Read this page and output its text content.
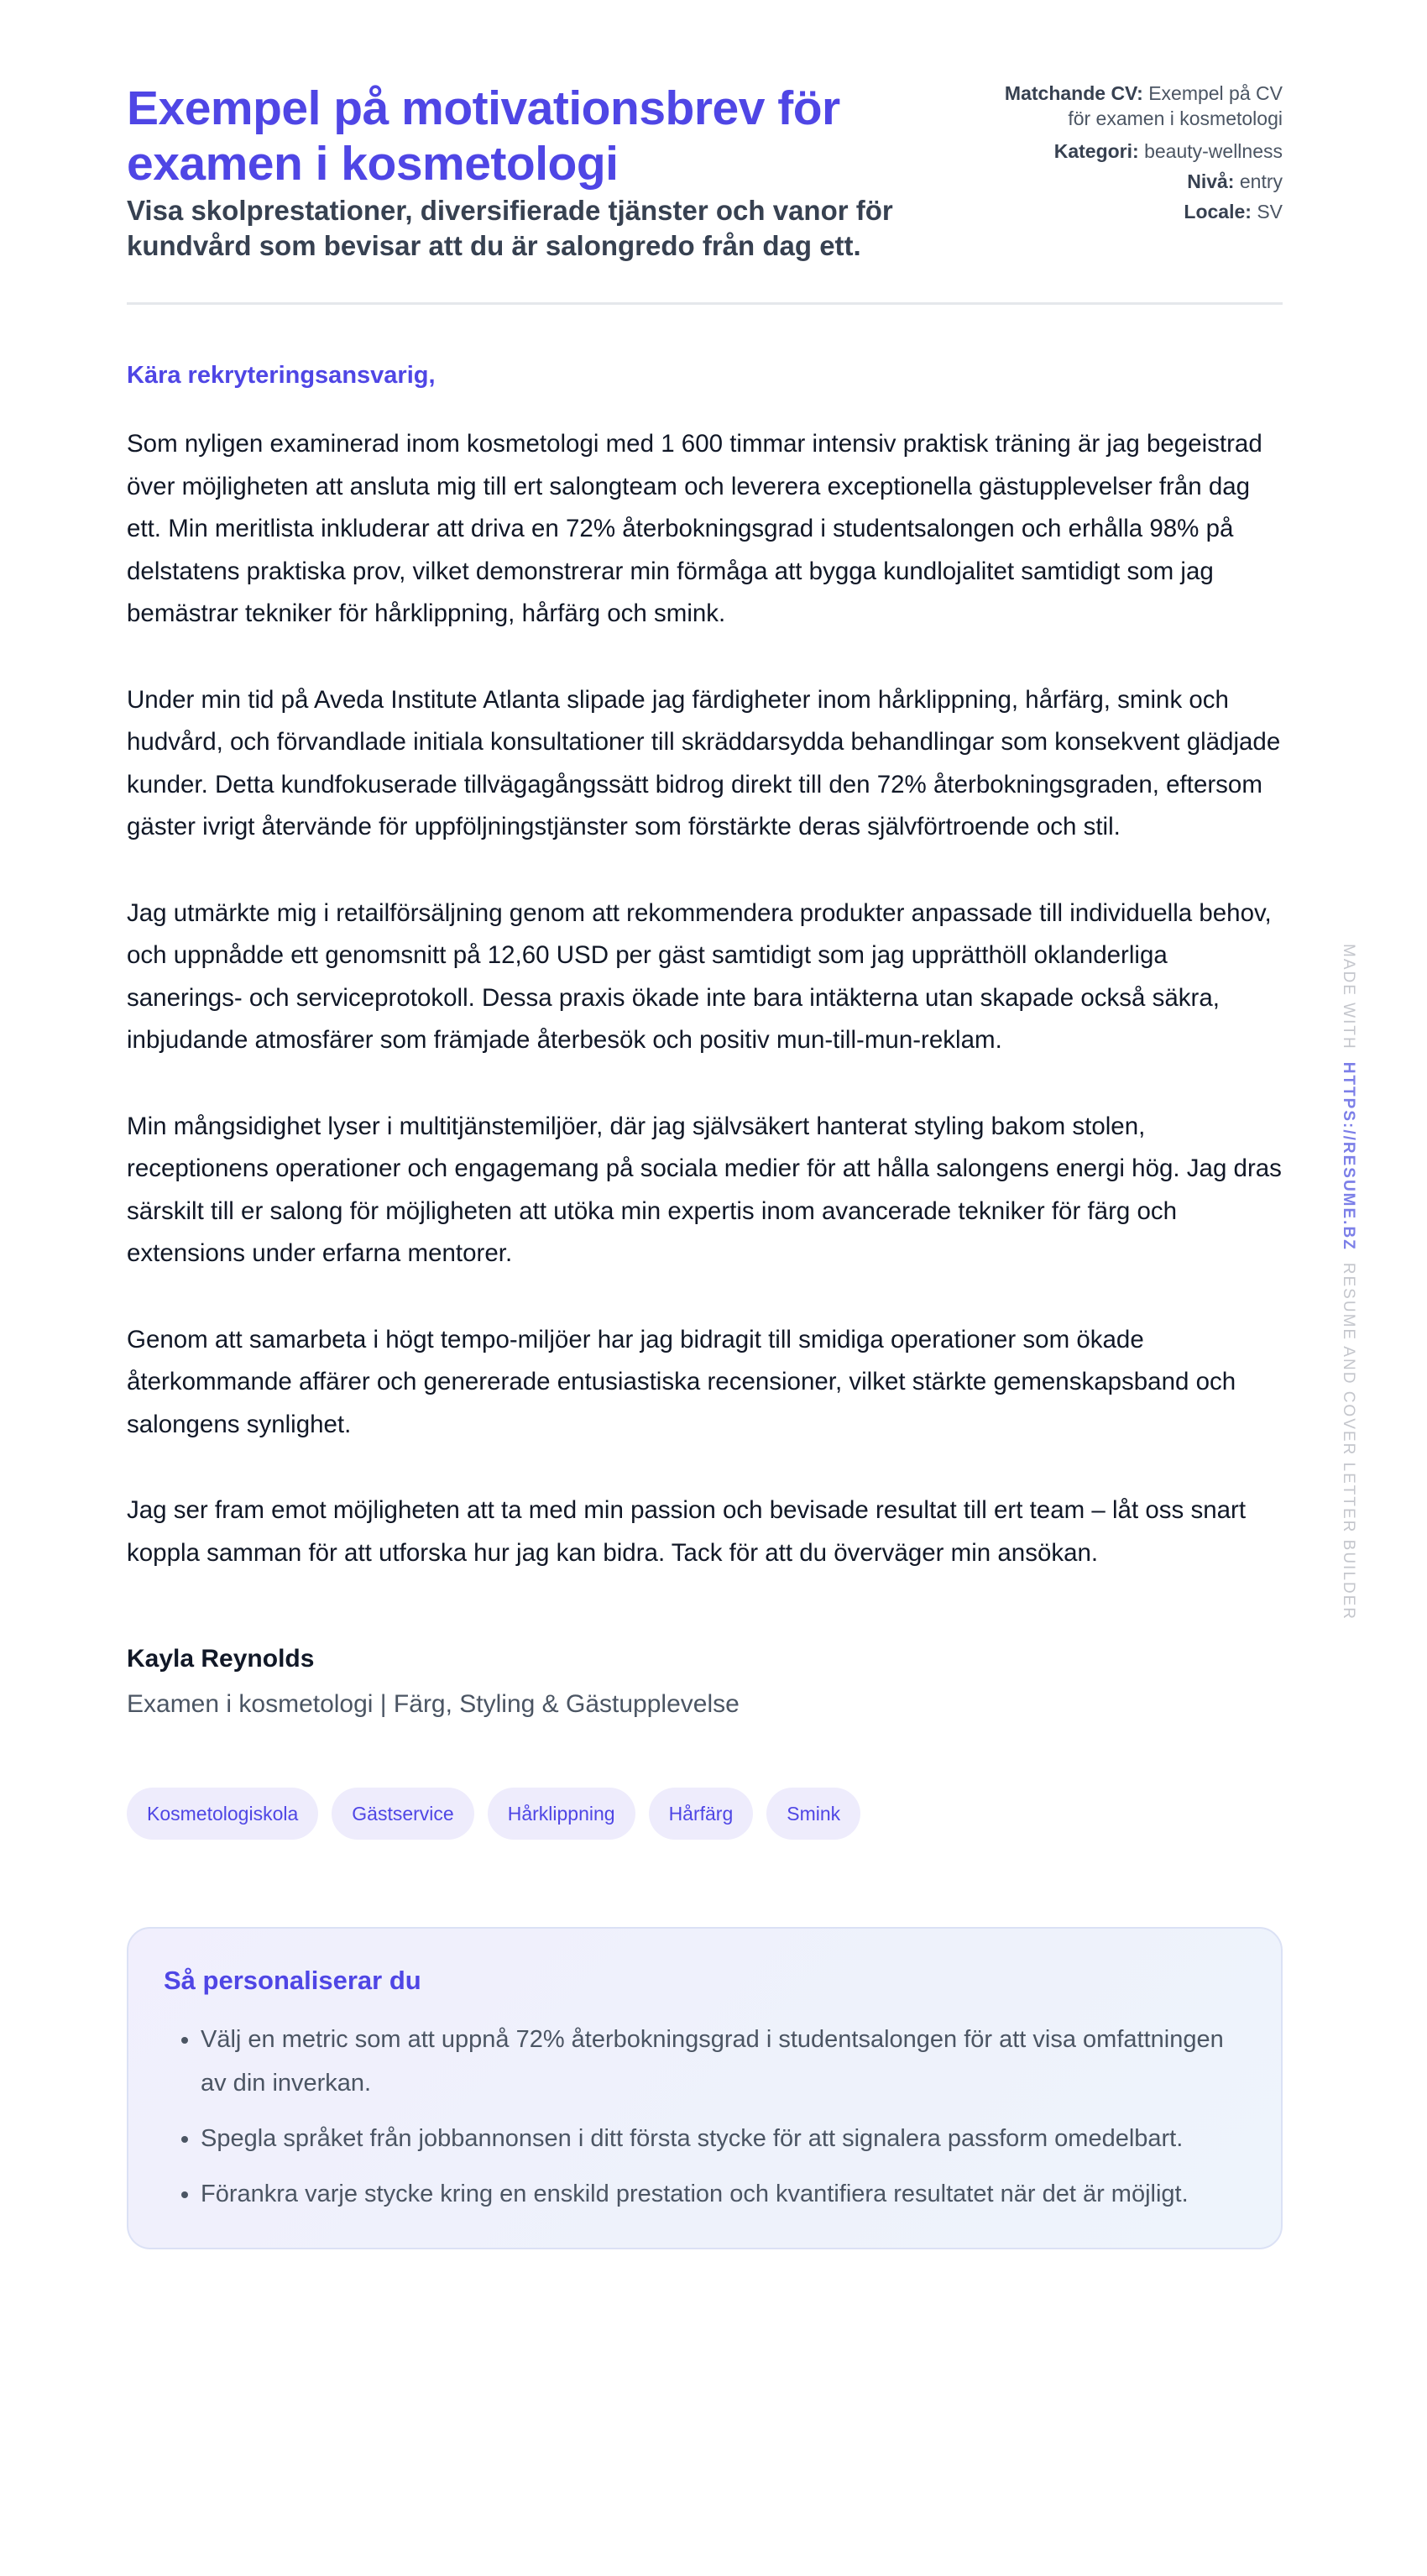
Exempel på motivationsbrev för examen i kosmetologi

Visa skolprestationer, diversifierade tjänster och vanor för kundvård som bevisar att du är salongredo från dag ett.

Matchande CV: Exempel på CV för examen i kosmetologi
Kategori: beauty-wellness
Nivå: entry
Locale: SV
Kära rekryteringsansvarig,

Som nyligen examinerad inom kosmetologi med 1 600 timmar intensiv praktisk träning är jag begeistrad över möjligheten att ansluta mig till ert salongteam och leverera exceptionella gästupplevelser från dag ett. Min meritlista inkluderar att driva en 72% återbokningsgrad i studentsalongen och erhålla 98% på delstatens praktiska prov, vilket demonstrerar min förmåga att bygga kundlojalitet samtidigt som jag bemästrar tekniker för hårklippning, hårfärg och smink.

Under min tid på Aveda Institute Atlanta slipade jag färdigheter inom hårklippning, hårfärg, smink och hudvård, och förvandlade initiala konsultationer till skräddarsydda behandlingar som konsekvent glädjade kunder. Detta kundfokuserade tillvägagångssätt bidrog direkt till den 72% återbokningsgraden, eftersom gäster ivrigt återvände för uppföljningstjänster som förstärkte deras självförtroende och stil.

Jag utmärkte mig i retailförsäljning genom att rekommendera produkter anpassade till individuella behov, och uppnådde ett genomsnitt på 12,60 USD per gäst samtidigt som jag upprätthöll oklanderliga sanerings- och serviceprotokoll. Dessa praxis ökade inte bara intäkterna utan skapade också säkra, inbjudande atmosfärer som främjade återbesök och positiv mun-till-mun-reklam.

Min mångsidighet lyser i multitjänstemiljöer, där jag självsäkert hanterat styling bakom stolen, receptionens operationer och engagemang på sociala medier för att hålla salongens energi hög. Jag dras särskilt till er salong för möjligheten att utöka min expertis inom avancerade tekniker för färg och extensions under erfarna mentorer.

Genom att samarbeta i högt tempo-miljöer har jag bidragit till smidiga operationer som ökade återkommande affärer och genererade entusiastiska recensioner, vilket stärkte gemenskapsband och salongens synlighet.

Jag ser fram emot möjligheten att ta med min passion och bevisade resultat till ert team – låt oss snart koppla samman för att utforska hur jag kan bidra. Tack för att du överväger min ansökan.

Kayla Reynolds
Examen i kosmetologi | Färg, Styling & Gästupplevelse
Kosmetologiskola	Gästservice	Hårklippning	Hårfärg	Smink
Så personaliserar du
• Välj en metric som att uppnå 72% återbokningsgrad i studentsalongen för att visa omfattningen av din inverkan.
• Spegla språket från jobbannonsen i ditt första stycke för att signalera passform omedelbart.
• Förankra varje stycke kring en enskild prestation och kvantifiera resultatet när det är möjligt.
MADE WITHHTTPS://RESUME.BZRESUME AND COVER LETTER BUILDER
